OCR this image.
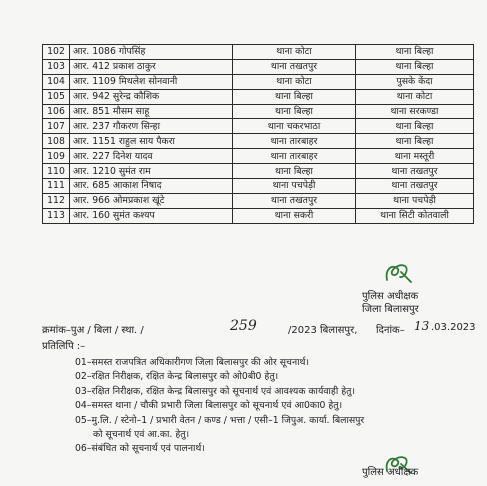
102	आर. 1086 गोपसिंह	थाना कोटा	थाना बिल्हा
103	आर. 412 प्रकाश ठाकुर	थाना तखतपुर	थाना बिल्हा
104	आर. 1109 मिथलेश सोनवानी	थाना कोटा	पुसके केंदा
105	आर. 942 सुरेन्द्र कौशिक	थाना बिल्हा	थाना कोटा
106	आर. 851 मौसम साहू	थाना बिल्हा	थाना सरकण्डा
107	आर. 237 गौकरण सिन्हा	थाना चकरभाठा	थाना बिल्हा
108	आर. 1151 राहुल साय पैकरा	थाना तारबाहर	थाना बिल्हा
109	आर. 227 दिनेश यादव	थाना तारबाहर	थाना मस्तूरी
110	आर. 1210 सुमंत राम	थाना बिल्हा	थाना तखतपुर
111	आर. 685 आकाश निषाद	थाना पचपेड़ी	थाना तखतपुर
112	आर. 966 ओमप्रकाश खूंटे	थाना तखतपुर	थाना पचपेड़ी
113	आर. 160 सुमंत कश्यप	थाना सकरी	थाना सिटी कोतवाली
पुलिस अधीक्षक
जिला बिलासपुर
क्रमांक–पुअ / बिला / स्था. /	259	/2023 बिलासपुर, दिनांक– 13 .03.2023
प्रतिलिपि :–
01–समस्त राजपत्रित अधिकारीगण जिला बिलासपुर की ओर सूचनार्थ।
02–रक्षित निरीक्षक, रक्षित केन्द्र बिलासपुर को ओ0बी0 हेतु।
03–रक्षित निरीक्षक, रक्षित केन्द्र बिलासपुर को सूचनार्थ एवं आवश्यक कार्यवाही हेतु।
04–समस्त थाना / चौकी प्रभारी जिला बिलासपुर को सूचनार्थ एवं आ0का0 हेतु।
05–मु.लि. / स्टेनो–1 / प्रभारी वेतन / कण्ड / भत्ता / एसी–1 जिपुअ. कार्या. बिलासपुर
को सूचनार्थ एवं आ.का. हेतु।
06–संबंधित को सूचनार्थ एवं पालनार्थ।
पुलिस अधीक्षक
